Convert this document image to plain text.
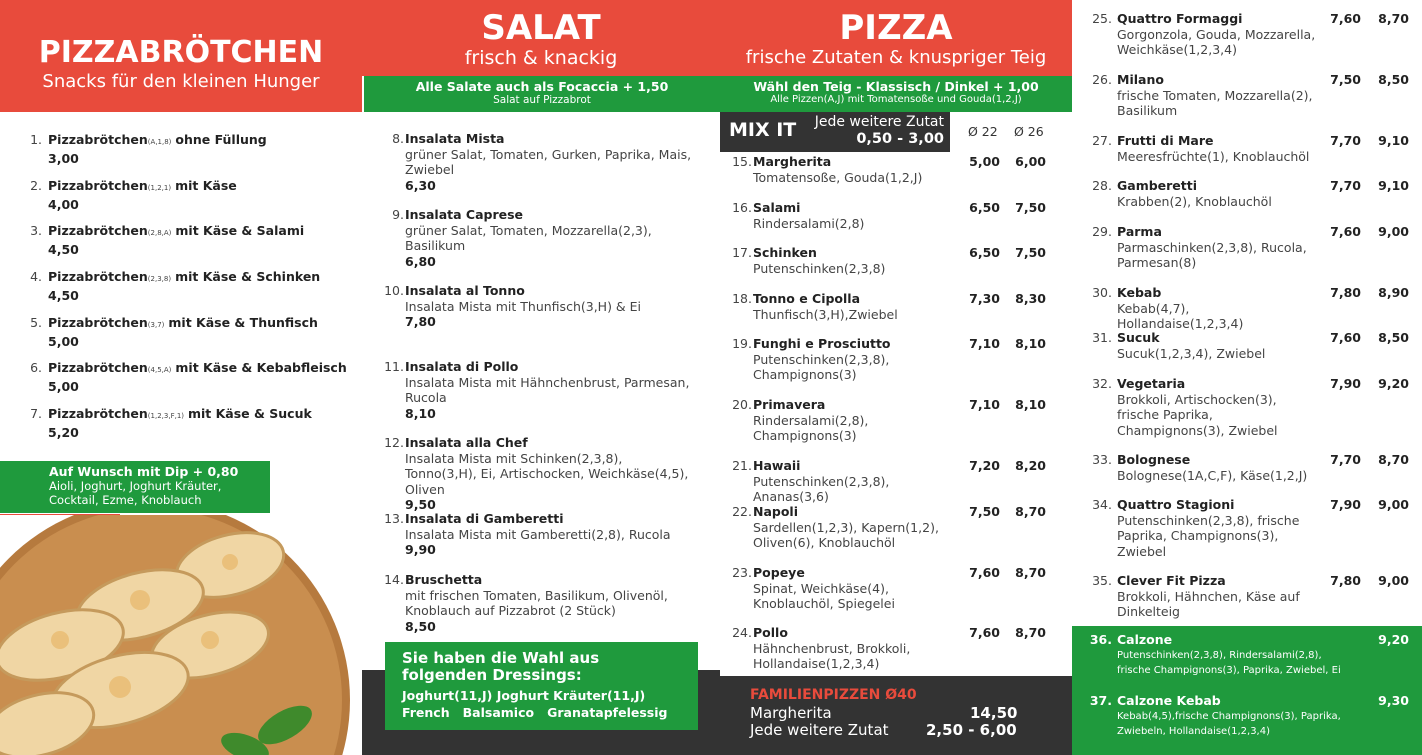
PIZZABRÖTCHEN
Snacks für den kleinen Hunger
1. Pizzabrötchen(A,1,8) ohne Füllung
3,00
2. Pizzabrötchen(1,2,1) mit Käse
4,00
3. Pizzabrötchen(2,8,A) mit Käse & Salami
4,50
4. Pizzabrötchen(2,3,8) mit Käse & Schinken
4,50
5. Pizzabrötchen(3,7) mit Käse & Thunfisch
5,00
6. Pizzabrötchen(4,5,A) mit Käse & Kebabfleisch
5,00
7. Pizzabrötchen(1,2,3,F,1) mit Käse & Sucuk
5,20
Auf Wunsch mit Dip + 0,80
Aioli, Joghurt, Joghurt Kräuter, Cocktail, Ezme, Knoblauch
SALAT
frisch & knackig
Alle Salate auch als Focaccia + 1,50
Salat auf Pizzabrot
8. Insalata Mista
grüner Salat, Tomaten, Gurken, Paprika, Mais, Zwiebel
6,30
9. Insalata Caprese
grüner Salat, Tomaten, Mozzarella(2,3), Basilikum
6,80
10. Insalata al Tonno
Insalata Mista mit Thunfisch(3,H) & Ei
7,80
11. Insalata di Pollo
Insalata Mista mit Hähnchenbrust, Parmesan, Rucola
8,10
12. Insalata alla Chef
Insalata Mista mit Schinken(2,3,8), Tonno(3,H), Ei, Artischocken, Weichkäse(4,5), Oliven
9,50
13. Insalata di Gamberetti
Insalata Mista mit Gamberetti(2,8), Rucola
9,90
14. Bruschetta
mit frischen Tomaten, Basilikum, Olivenöl, Knoblauch auf Pizzabrot (2 Stück)
8,50
Sie haben die Wahl aus folgenden Dressings:
Joghurt(11,J) Joghurt Kräuter(11,J)
French   Balsamico   Granatapfelessig
PIZZA
frische Zutaten & knuspriger Teig
Wähl den Teig - Klassisch / Dinkel + 1,00
Alle Pizzen(A,J) mit Tomatensoße und Gouda(1,2,J)
MIX IT Jede weitere Zutat
0,50 - 3,00 Ø 22 Ø 26
15. Margherita
Tomatensoße, Gouda(1,2,J)
5,00 6,00
16. Salami
Rindersalami(2,8)
6,50 7,50
17. Schinken
Putenschinken(2,3,8)
6,50 7,50
18. Tonno e Cipolla
Thunfisch(3,H),Zwiebel
7,30 8,30
19. Funghi e Prosciutto
Putenschinken(2,3,8), Champignons(3)
7,10 8,10
20. Primavera
Rindersalami(2,8), Champignons(3)
7,10 8,10
21. Hawaii
Putenschinken(2,3,8), Ananas(3,6)
7,20 8,20
22. Napoli
Sardellen(1,2,3), Kapern(1,2), Oliven(6), Knoblauchöl
7,50 8,70
23. Popeye
Spinat, Weichkäse(4), Knoblauchöl, Spiegelei
7,60 8,70
24. Pollo
Hähnchenbrust, Brokkoli, Hollandaise(1,2,3,4)
7,60 8,70
FAMILIENPIZZEN Ø40
Margherita	14,50
Jede weitere Zutat 2,50 - 6,00
25. Quattro Formaggi
Gorgonzola, Gouda, Mozzarella, Weichkäse(1,2,3,4)
7,60 8,70
26. Milano
frische Tomaten, Mozzarella(2), Basilikum
7,50 8,50
27. Frutti di Mare
Meeresfrüchte(1), Knoblauchöl
7,70 9,10
28. Gamberetti
Krabben(2), Knoblauchöl
7,70 9,10
29. Parma
Parmaschinken(2,3,8), Rucola, Parmesan(8)
7,60 9,00
30. Kebab
Kebab(4,7), Hollandaise(1,2,3,4)
7,80 8,90
31. Sucuk
Sucuk(1,2,3,4), Zwiebel
7,60 8,50
32. Vegetaria
Brokkoli, Artischocken(3), frische Paprika, Champignons(3), Zwiebel
7,90 9,20
33. Bolognese
Bolognese(1A,C,F), Käse(1,2,J)
7,70 8,70
34. Quattro Stagioni
Putenschinken(2,3,8), frische Paprika, Champignons(3), Zwiebel
7,90 9,00
35. Clever Fit Pizza
Brokkoli, Hähnchen, Käse auf Dinkelteig
7,80 9,00
36. Calzone
Putenschinken(2,3,8), Rindersalami(2,8), frische Champignons(3), Paprika, Zwiebel, Ei
9,20
37. Calzone Kebab
Kebab(4,5),frische Champignons(3), Paprika, Zwiebeln, Hollandaise(1,2,3,4)
9,30
